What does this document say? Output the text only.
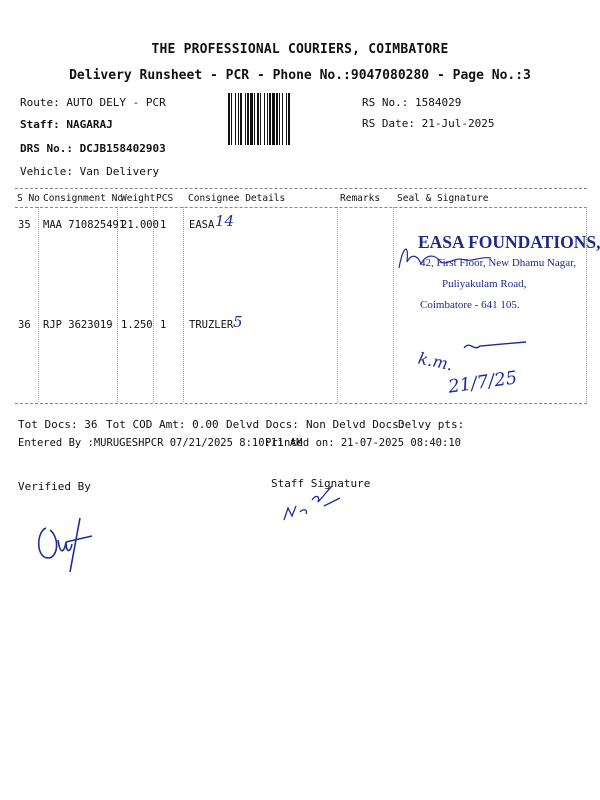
THE PROFESSIONAL COURIERS, COIMBATORE
Delivery Runsheet - PCR - Phone No.:9047080280 - Page No.:3
Route: AUTO DELY - PCR
Staff: NAGARAJ
DRS No.: DCJB158402903
Vehicle: Van Delivery
RS No.: 1584029
RS Date: 21-Jul-2025
S No Consignment No
Weight PCS Consignee Details	Remarks Seal & Signature
35 MAA 710825491
21.000 1 EASA 14
36 RJP 3623019 1.250 1 TRUZLER 5
EASA FOUNDATIONS,
42, First Floor, New Dhamu Nagar,
Puliyakulam Road,
Coimbatore - 641 105.
k.m.
21/7/25
Tot Docs: 36 Tot COD Amt: 0.00 Delvd Docs: Non Delvd Docs:
Delvy pts:
Entered By :MURUGESHPCR 07/21/2025 8:10:11 AM
Printed on: 21-07-2025 08:40:10
Verified By	Staff Signature
